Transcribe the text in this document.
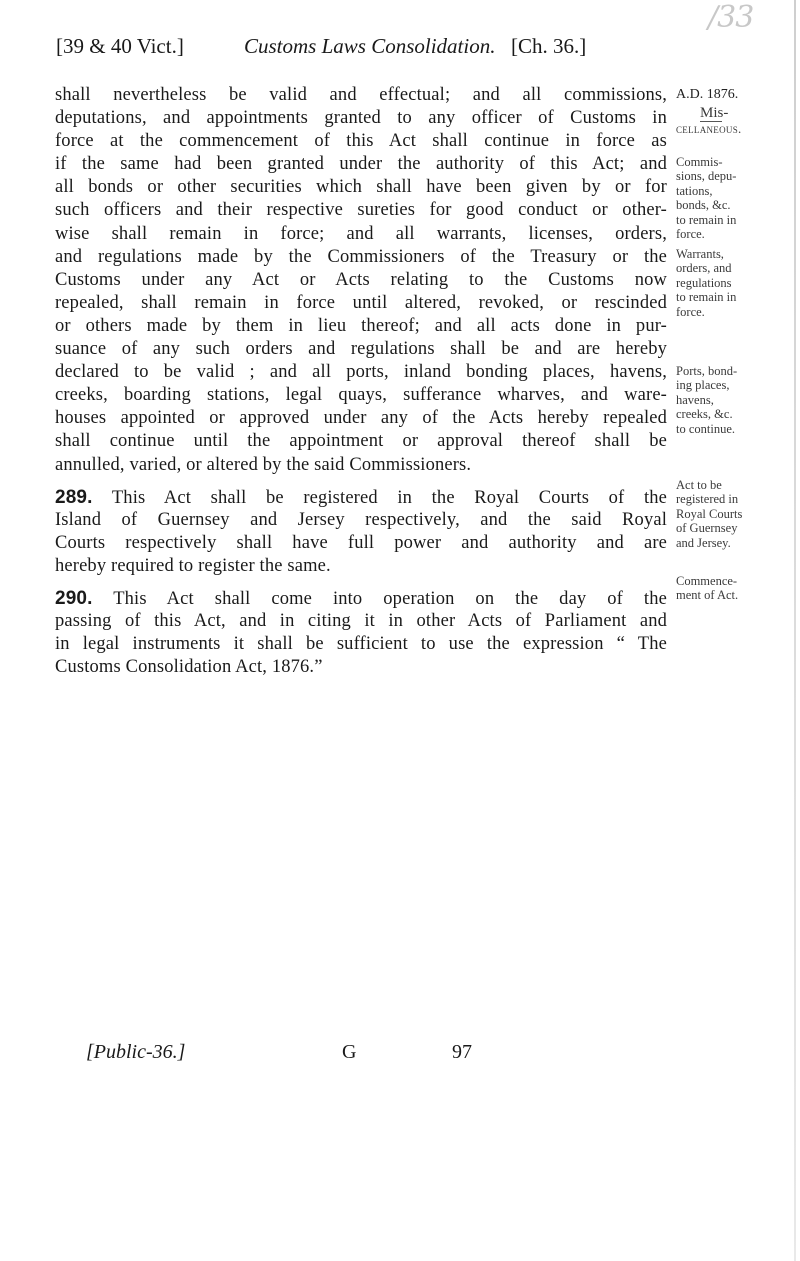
/33
[39 & 40 Vict.]	Customs Laws Consolidation. [Ch. 36.]
shall nevertheless be valid and effectual; and all commissions,
deputations, and appointments granted to any officer of Customs in
force at the commencement of this Act shall continue in force as
if the same had been granted under the authority of this Act; and
all bonds or other securities which shall have been given by or for
such officers and their respective sureties for good conduct or other-
wise shall remain in force; and all warrants, licenses, orders,
and regulations made by the Commissioners of the Treasury or the
Customs under any Act or Acts relating to the Customs now
repealed, shall remain in force until altered, revoked, or rescinded
or others made by them in lieu thereof; and all acts done in pur-
suance of any such orders and regulations shall be and are hereby
declared to be valid ; and all ports, inland bonding places, havens,
creeks, boarding stations, legal quays, sufferance wharves, and ware-
houses appointed or approved under any of the Acts hereby repealed
shall continue until the appointment or approval thereof shall be
annulled, varied, or altered by the said Commissioners.
289. This Act shall be registered in the Royal Courts of the
Island of Guernsey and Jersey respectively, and the said Royal
Courts respectively shall have full power and authority and are
hereby required to register the same.
290. This Act shall come into operation on the day of the
passing of this Act, and in citing it in other Acts of Parliament and
in legal instruments it shall be sufficient to use the expression “ The
Customs Consolidation Act, 1876.”
A.D. 1876.
Mis-
cellaneous.
Commis-
sions, depu-
tations,
bonds, &c.
to remain in
force.
Warrants,
orders, and
regulations
to remain in
force.
Ports, bond-
ing places,
havens,
creeks, &c.
to continue.
Act to be
registered in
Royal Courts
of Guernsey
and Jersey.
Commence-
ment of Act.
[Public-36.]	G	97
